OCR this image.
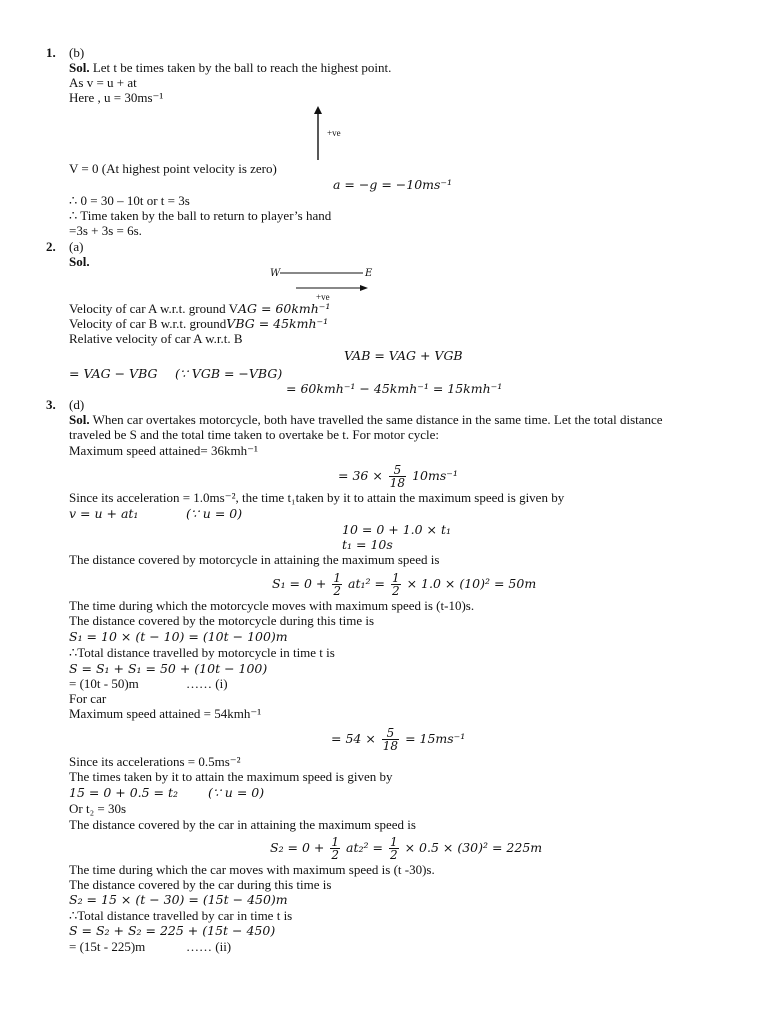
1. (b)
Sol. Let t be times taken by the ball to reach the highest point.
As v = u + at
Here , u = 30ms⁻¹
+ve
V = 0 (At highest point velocity is zero)
a = −g = −10ms⁻¹
∴ 0 = 30 – 10t or t = 3s
∴ Time taken by the ball to return to player’s hand
=3s + 3s = 6s.
2. (a)
Sol.
W	E
+ve
Velocity of car A w.r.t. ground VAG = 60kmh⁻¹
Velocity of car B w.r.t. groundVBG = 45kmh⁻¹
Relative velocity of car A w.r.t. B
VAB = VAG + VGB
= VAG − VBG (∵ VGB = −VBG)
= 60kmh⁻¹ − 45kmh⁻¹ = 15kmh⁻¹
3. (d)
Sol. When car overtakes motorcycle, both have travelled the same distance in the same time. Let the total distance
traveled be S and the total time taken to overtake be t. For motor cycle:
Maximum speed attained= 36kmh⁻¹
= $36 \times \frac{5}{18} 10ms^{-1}$
Since its acceleration = 1.0ms⁻², the time t₁taken by it to attain the maximum speed is given by
v = u + at₁	(∵ u = 0)
10 = 0 + 1.0 × t₁
t₁ = 10s
The distance covered by motorcycle in attaining the maximum speed is
$S_1 = 0 + \frac{1}{2} at_1^2 = \frac{1}{2} \times 1.0 \times (10)^2 = 50m$
The time during which the motorcycle moves with maximum speed is (t-10)s.
The distance covered by the motorcycle during this time is
S₁ = 10 × (t − 10) = (10t − 100)m
∴Total distance travelled by motorcycle in time t is
S = S₁ + S₁ = 50 + (10t − 100)
= (10t - 50)m	…… (i)
For car
Maximum speed attained = 54kmh⁻¹
= $54 \times \frac{5}{18} = 15ms^{-1}$
Since its accelerations = 0.5ms⁻²
The times taken by it to attain the maximum speed is given by
15 = 0 + 0.5 = t₂ (∵ u = 0)
Or t₂ = 30s
The distance covered by the car in attaining the maximum speed is
$S_2 = 0 + \frac{1}{2} at_2^2 = \frac{1}{2} \times 0.5 \times (30)^2 = 225m$
The time during which the car moves with maximum speed is (t -30)s.
The distance covered by the car during this time is
S₂ = 15 × (t − 30) = (15t − 450)m
∴Total distance travelled by car in time t is
S = S₂ + S₂ = 225 + (15t − 450)
= (15t - 225)m	…… (ii)
